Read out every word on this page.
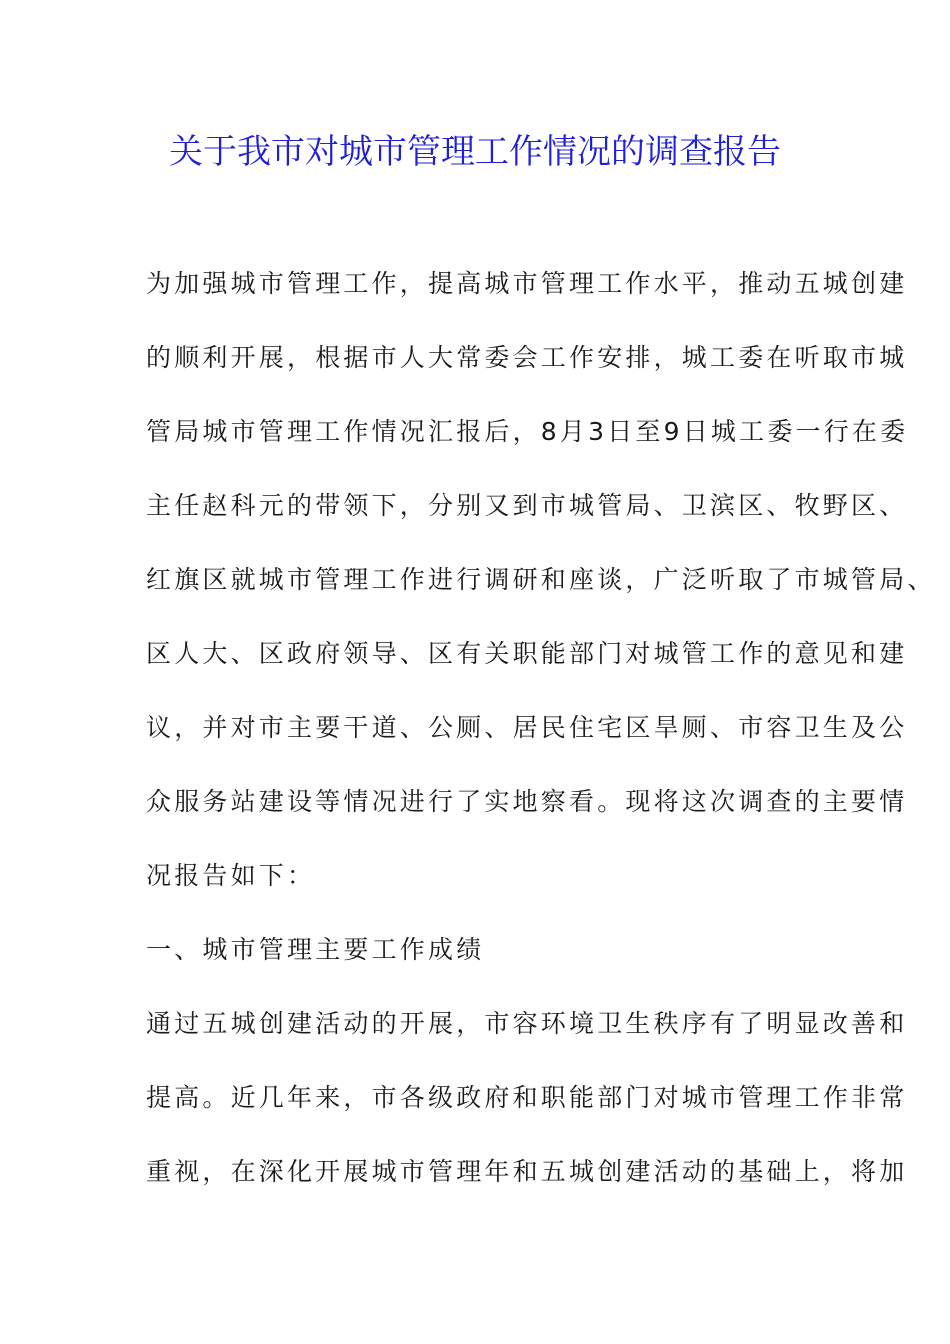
关于我市对城市管理工作情况的调查报告
为加强城市管理工作，提高城市管理工作水平，推动五城创建
的顺利开展，根据市人大常委会工作安排，城工委在听取市城
管局城市管理工作情况汇报后，8月3日至9日城工委一行在委
主任赵科元的带领下，分别又到市城管局、卫滨区、牧野区、
红旗区就城市管理工作进行调研和座谈，广泛听取了市城管局、
区人大、区政府领导、区有关职能部门对城管工作的意见和建
议，并对市主要干道、公厕、居民住宅区旱厕、市容卫生及公
众服务站建设等情况进行了实地察看。现将这次调查的主要情
况报告如下：
一、城市管理主要工作成绩
通过五城创建活动的开展，市容环境卫生秩序有了明显改善和
提高。近几年来，市各级政府和职能部门对城市管理工作非常
重视，在深化开展城市管理年和五城创建活动的基础上，将加
